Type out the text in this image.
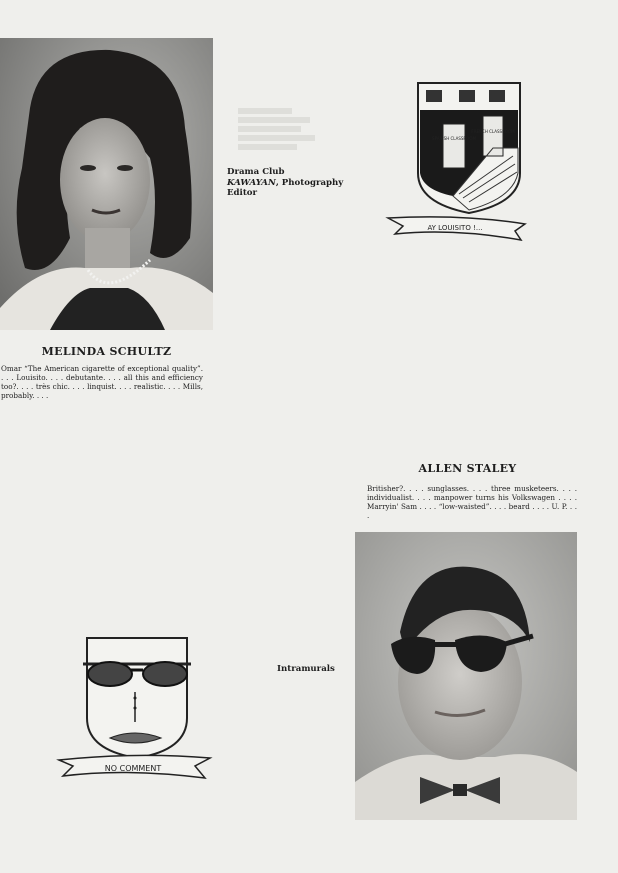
Drama Club
KAWAYAN, Photography Editor
SPANISH CLASSROOM
FRENCH CLASSROOM
AY LOUISITO !...
MELINDA SCHULTZ
Omar “The American cigarette of exceptional quality”. . . . Louisito. . . . debutante. . . . all this and efficiency too?. . . . très chic. . . . linquist. . . . realistic. . . . Mills, probably. . . .
ALLEN STALEY
Britisher?. . . . sunglasses. . . . three musketeers. . . . individualist. . . . manpower turns his Volkswagen . . . . Marryin' Sam . . . . “low-waisted”. . . . beard . . . . U. P. . . .
NO COMMENT
Intramurals
